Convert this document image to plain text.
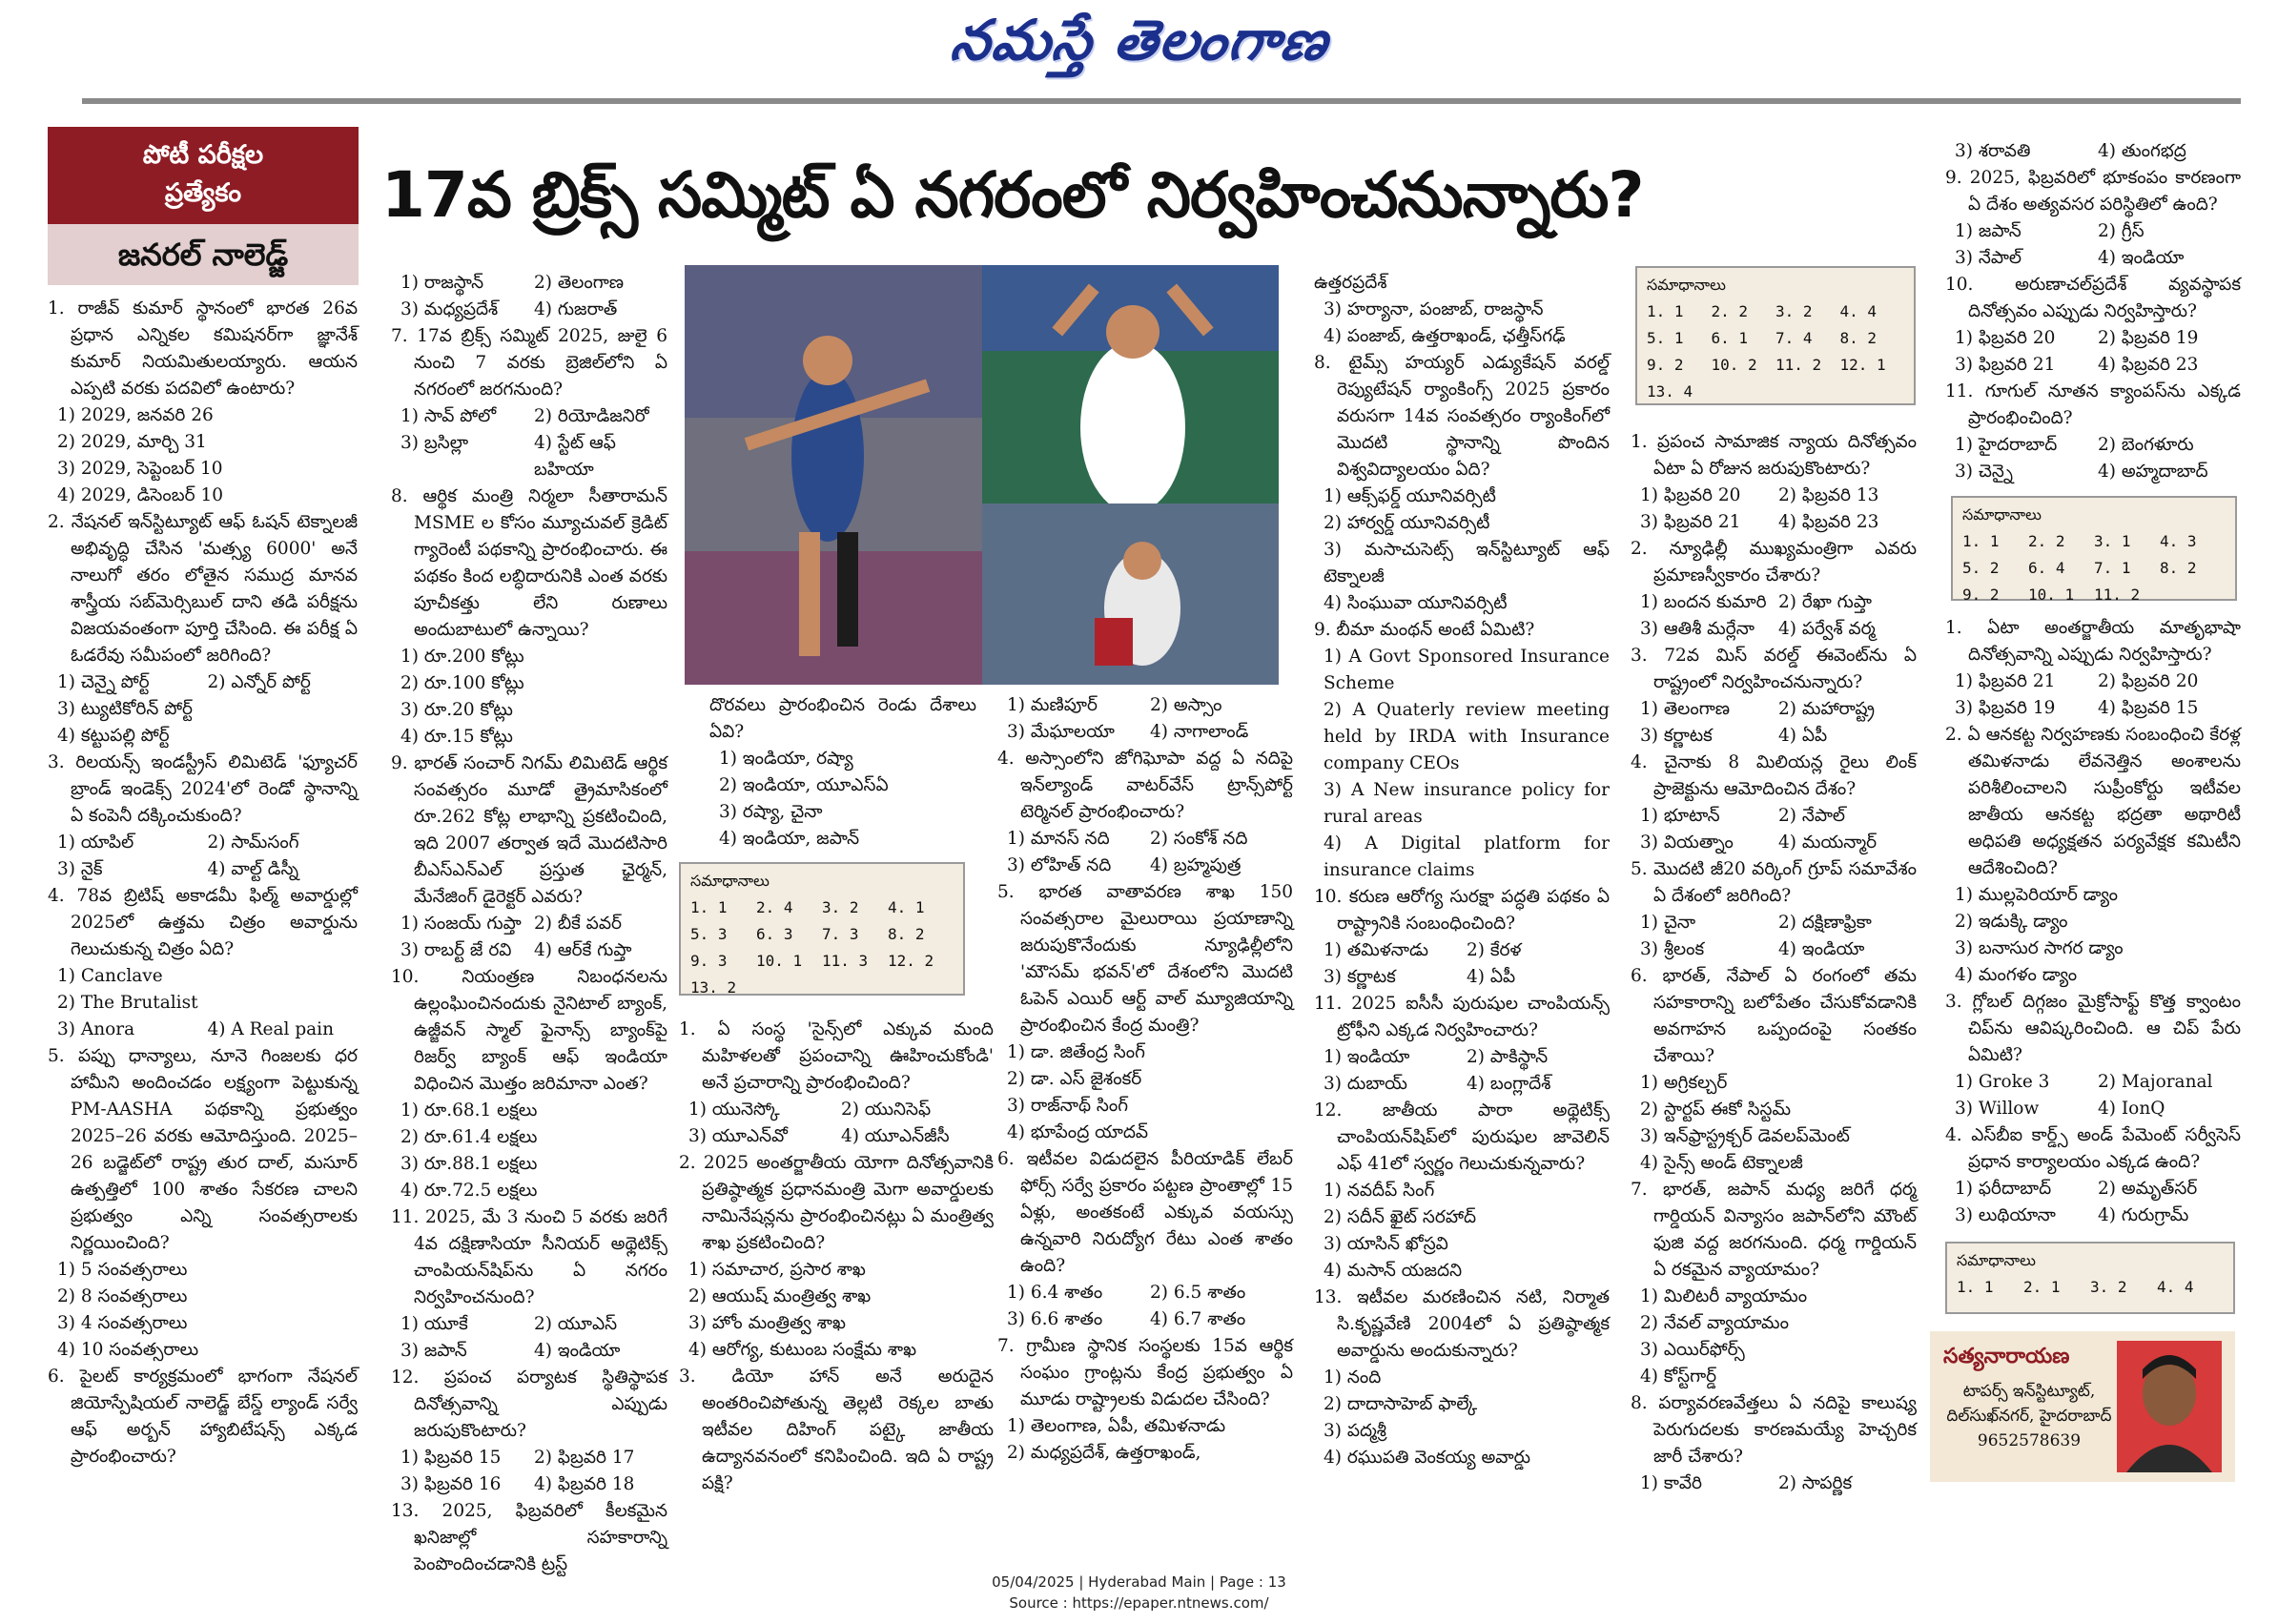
నమస్తే తెలంగాణ
పోటీ పరీక్షల
ప్రత్యేకం
జనరల్ నాలెడ్జ్
17వ బ్రిక్స్ సమ్మిట్ ఏ నగరంలో నిర్వహించనున్నారు?

1. రాజీవ్ కుమార్ స్థానంలో భారత 26వ ప్రధాన ఎన్నికల కమిషనర్‌గా జ్ఞానేశ్ కుమార్ నియమితులయ్యారు. ఆయన ఎప్పటి వరకు పదవిలో ఉంటారు?

1) 2029, జనవరి 26

2) 2029, మార్చి 31

3) 2029, సెప్టెంబర్ 10

4) 2029, డిసెంబర్ 10

2. నేషనల్ ఇన్‌స్టిట్యూట్ ఆఫ్ ఓషన్ టెక్నాలజీ అభివృద్ధి చేసిన 'మత్స్య 6000' అనే నాలుగో తరం లోతైన సముద్ర మానవ శాస్త్రీయ సబ్‌మెర్సిబుల్ దాని తడి పరీక్షను విజయవంతంగా పూర్తి చేసింది. ఈ పరీక్ష ఏ ఓడరేవు సమీపంలో జరిగింది?

1) చెన్నై పోర్ట్	2) ఎన్నోర్ పోర్ట్

3) ట్యుటికోరిన్ పోర్ట్

4) కట్టుపల్లి పోర్ట్

3. రిలయన్స్ ఇండస్ట్రీస్ లిమిటెడ్ 'ఫ్యూచర్ బ్రాండ్ ఇండెక్స్ 2024'లో రెండో స్థానాన్ని ఏ కంపెనీ దక్కించుకుంది?

1) యాపిల్	2) సామ్‌సంగ్
3) నైక్	4) వాల్ట్ డిస్నీ

4. 78వ బ్రిటిష్ అకాడమీ ఫిల్మ్ అవార్డుల్లో 2025లో ఉత్తమ చిత్రం అవార్డును గెలుచుకున్న చిత్రం ఏది?

1) Canclave

2) The Brutalist

3) Anora	4) A Real pain

5. పప్పు ధాన్యాలు, నూనె గింజలకు ధర హామీని అందించడం లక్ష్యంగా పెట్టుకున్న PM-AASHA పథకాన్ని ప్రభుత్వం 2025–26 వరకు ఆమోదిస్తుంది. 2025–26 బడ్జెట్‌లో రాష్ట్ర తుర దాల్, మసూర్ ఉత్పత్తిలో 100 శాతం సేకరణ చాలని ప్రభుత్వం ఎన్ని సంవత్సరాలకు నిర్ణయించింది?

1) 5 సంవత్సరాలు

2) 8 సంవత్సరాలు

3) 4 సంవత్సరాలు

4) 10 సంవత్సరాలు

6. పైలట్ కార్యక్రమంలో భాగంగా నేషనల్ జియోస్పేషియల్ నాలెడ్జ్ బేస్డ్ ల్యాండ్ సర్వే ఆఫ్ అర్బన్ హ్యాబిటేషన్స్ ఎక్కడ ప్రారంభించారు?

1) రాజస్థాన్	2) తెలంగాణ
3) మధ్యప్రదేశ్	4) గుజరాత్

7. 17వ బ్రిక్స్ సమ్మిట్ 2025, జులై 6 నుంచి 7 వరకు బ్రెజిల్‌లోని ఏ నగరంలో జరగనుంది?

1) సావ్ పోలో	2) రియోడిజనిరో
3) బ్రసిల్లా	4) స్టేట్ ఆఫ్ బహియా

8. ఆర్థిక మంత్రి నిర్మలా సీతారామన్ MSME ల కోసం మ్యూచువల్ క్రెడిట్ గ్యారెంటీ పథకాన్ని ప్రారంభించారు. ఈ పథకం కింద లబ్ధిదారునికి ఎంత వరకు పూచీకత్తు లేని రుణాలు అందుబాటులో ఉన్నాయి?

1) రూ.200 కోట్లు

2) రూ.100 కోట్లు

3) రూ.20 కోట్లు

4) రూ.15 కోట్లు

9. భారత్ సంచార్ నిగమ్ లిమిటెడ్ ఆర్థిక సంవత్సరం మూడో త్రైమాసికంలో రూ.262 కోట్ల లాభాన్ని ప్రకటించింది, ఇది 2007 తర్వాత ఇదే మొదటిసారి బీఎస్ఎన్ఎల్ ప్రస్తుత ఛైర్మన్, మేనేజింగ్ డైరెక్టర్ ఎవరు?

1) సంజయ్ గుప్తా 2) బీకే పవర్
3) రాబర్ట్ జే రవి	4) ఆర్‌కే గుప్తా

10. నియంత్రణ నిబంధనలను ఉల్లంఘించినందుకు నైనిటాల్ బ్యాంక్, ఉజ్జీవన్ స్మాల్ ఫైనాన్స్ బ్యాంక్‌పై రిజర్వ్ బ్యాంక్ ఆఫ్ ఇండియా విధించిన మొత్తం జరిమానా ఎంత?

1) రూ.68.1 లక్షలు

2) రూ.61.4 లక్షలు

3) రూ.88.1 లక్షలు

4) రూ.72.5 లక్షలు

11. 2025, మే 3 నుంచి 5 వరకు జరిగే 4వ దక్షిణాసియా సీనియర్ అథ్లెటిక్స్ చాంపియన్‌షిప్‌ను ఏ నగరం నిర్వహించనుంది?

1) యూకే	2) యూఎస్
3) జపాన్	4) ఇండియా

12. ప్రపంచ పర్యాటక స్థితిస్థాపక దినోత్సవాన్ని ఎప్పుడు జరుపుకొంటారు?

1) ఫిబ్రవరి 15	2) ఫిబ్రవరి 17
3) ఫిబ్రవరి 16	4) ఫిబ్రవరి 18

13. 2025, ఫిబ్రవరిలో కీలకమైన ఖనిజాల్లో సహకారాన్ని పెంపొందించడానికి ట్రస్ట్

దొరవలు ప్రారంభించిన రెండు దేశాలు ఏవి?

1) ఇండియా, రష్యా

2) ఇండియా, యూఎస్ఏ

3) రష్యా, చైనా

4) ఇండియా, జపాన్

సమాధానాలు
1. 1	2. 4	3. 2	4. 1
5. 3	6. 3	7. 3	8. 2
9. 3	10. 1	11. 3	12. 2
13. 2

1. ఏ సంస్థ 'సైన్స్‌లో ఎక్కువ మంది మహిళలతో ప్రపంచాన్ని ఊహించుకోండి' అనే ప్రచారాన్ని ప్రారంభించింది?

1) యునెస్కో	2) యునిసెఫ్
3) యూఎన్‌వో	4) యూఎన్‌జీసీ

2. 2025 అంతర్జాతీయ యోగా దినోత్సవానికి ప్రతిష్ఠాత్మక ప్రధానమంత్రి మెగా అవార్డులకు నామినేషన్లను ప్రారంభించినట్లు ఏ మంత్రిత్వ శాఖ ప్రకటించింది?

1) సమాచార, ప్రసార శాఖ

2) ఆయుష్ మంత్రిత్వ శాఖ

3) హోం మంత్రిత్వ శాఖ

4) ఆరోగ్య, కుటుంబ సంక్షేమ శాఖ

3. డియో హాన్ అనే అరుదైన అంతరించిపోతున్న తెల్లటి రెక్కల బాతు ఇటీవల దిహింగ్ పట్కై జాతీయ ఉద్యానవనంలో కనిపించింది. ఇది ఏ రాష్ట్ర పక్షి?

1) మణిపూర్	2) అస్సాం
3) మేఘాలయా	4) నాగాలాండ్

4. అస్సాంలోని జోగిఘోపా వద్ద ఏ నదిపై ఇన్‌ల్యాండ్ వాటర్‌వేస్ ట్రాన్స్‌పోర్ట్ టెర్మినల్ ప్రారంభించారు?

1) మానస్ నది	2) సంకోశ్ నది
3) లోహిత్ నది	4) బ్రహ్మపుత్ర

5. భారత వాతావరణ శాఖ 150 సంవత్సరాల మైలురాయి ప్రయాణాన్ని జరుపుకొనేందుకు న్యూఢిల్లీలోని 'మౌసమ్ భవన్‌'లో దేశంలోని మొదటి ఓపెన్ ఎయిర్ ఆర్ట్ వాల్ మ్యూజియాన్ని ప్రారంభించిన కేంద్ర మంత్రి?

1) డా. జితేంద్ర సింగ్

2) డా. ఎస్ జైశంకర్

3) రాజ్‌నాథ్ సింగ్

4) భూపేంద్ర యాదవ్

6. ఇటీవల విడుదలైన పీరియాడిక్ లేబర్ ఫోర్స్ సర్వే ప్రకారం పట్టణ ప్రాంతాల్లో 15 ఏళ్లు, అంతకంటే ఎక్కువ వయస్సు ఉన్నవారి నిరుద్యోగ రేటు ఎంత శాతం ఉంది?

1) 6.4 శాతం	2) 6.5 శాతం
3) 6.6 శాతం	4) 6.7 శాతం

7. గ్రామీణ స్థానిక సంస్థలకు 15వ ఆర్థిక సంఘం గ్రాంట్లను కేంద్ర ప్రభుత్వం ఏ మూడు రాష్ట్రాలకు విడుదల చేసింది?

1) తెలంగాణ, ఏపీ, తమిళనాడు

2) మధ్యప్రదేశ్, ఉత్తరాఖండ్,

ఉత్తరప్రదేశ్

3) హర్యానా, పంజాబ్, రాజస్థాన్

4) పంజాబ్, ఉత్తరాఖండ్, ఛత్తీస్‌గఢ్

8. టైమ్స్ హయ్యర్ ఎడ్యుకేషన్ వరల్డ్ రెప్యుటేషన్ ర్యాంకింగ్స్ 2025 ప్రకారం వరుసగా 14వ సంవత్సరం ర్యాంకింగ్‌లో మొదటి స్థానాన్ని పొందిన విశ్వవిద్యాలయం ఏది?

1) ఆక్స్‌ఫర్డ్ యూనివర్సిటీ

2) హార్వర్డ్ యూనివర్సిటీ

3) మసాచుసెట్స్ ఇన్‌స్టిట్యూట్ ఆఫ్ టెక్నాలజీ

4) సింఘువా యూనివర్సిటీ

9. బీమా మంథన్ అంటే ఏమిటి?

1) A Govt Sponsored Insurance Scheme

2) A Quaterly review meeting held by IRDA with Insurance company CEOs

3) A New insurance policy for rural areas

4) A Digital platform for insurance claims

10. కరుణ ఆరోగ్య సురక్షా పద్ధతి పథకం ఏ రాష్ట్రానికి సంబంధించింది?

1) తమిళనాడు	2) కేరళ
3) కర్ణాటక	4) ఏపీ

11. 2025 ఐసీసీ పురుషుల చాంపియన్స్ ట్రోఫీని ఎక్కడ నిర్వహించారు?

1) ఇండియా	2) పాకిస్థాన్
3) దుబాయ్	4) బంగ్లాదేశ్

12. జాతీయ పారా అథ్లెటిక్స్ చాంపియన్‌షిప్‌లో పురుషుల జావెలిన్ ఎఫ్ 41లో స్వర్ణం గెలుచుకున్నవారు?

1) నవదీప్ సింగ్

2) సదీన్ ఖైట్ సరహాద్

3) యాసిన్ ఖోస్రవి

4) మసాన్ యజదని

13. ఇటీవల మరణించిన నటి, నిర్మాత సి.కృష్ణవేణి 2004లో ఏ ప్రతిష్ఠాత్మక అవార్డును అందుకున్నారు?

1) నంది

2) దాదాసాహెబ్ ఫాల్కే

3) పద్మశ్రీ

4) రఘుపతి వెంకయ్య అవార్డు

సమాధానాలు
1. 1	2. 2	3. 2	4. 4
5. 1	6. 1	7. 4	8. 2
9. 2	10. 2	11. 2	12. 1
13. 4

1. ప్రపంచ సామాజిక న్యాయ దినోత్సవం ఏటా ఏ రోజున జరుపుకొంటారు?

1) ఫిబ్రవరి 20	2) ఫిబ్రవరి 13
3) ఫిబ్రవరి 21	4) ఫిబ్రవరి 23

2. న్యూఢిల్లీ ముఖ్యమంత్రిగా ఎవరు ప్రమాణస్వీకారం చేశారు?

1) బందన కుమారి 2) రేఖా గుప్తా
3) ఆతిశీ మర్లేనా	4) పర్వేశ్ వర్మ

3. 72వ మిస్ వరల్డ్ ఈవెంట్‌ను ఏ రాష్ట్రంలో నిర్వహించనున్నారు?

1) తెలంగాణ	2) మహారాష్ట్ర
3) కర్ణాటక	4) ఏపీ

4. చైనాకు 8 మిలియన్ల రైలు లింక్ ప్రాజెక్టును ఆమోదించిన దేశం?

1) భూటాన్	2) నేపాల్
3) వియత్నాం	4) మయన్మార్

5. మొదటి జీ20 వర్కింగ్ గ్రూప్ సమావేశం ఏ దేశంలో జరిగింది?

1) చైనా	2) దక్షిణాఫ్రికా
3) శ్రీలంక	4) ఇండియా

6. భారత్, నేపాల్ ఏ రంగంలో తమ సహకారాన్ని బలోపేతం చేసుకోవడానికి అవగాహన ఒప్పందంపై సంతకం చేశాయి?

1) అగ్రికల్చర్

2) స్టార్టప్ ఈకో సిస్టమ్

3) ఇన్‌ఫ్రాస్ట్రక్చర్ డెవలప్‌మెంట్

4) సైన్స్ అండ్ టెక్నాలజీ

7. భారత్, జపాన్ మధ్య జరిగే ధర్మ గార్డియన్ విన్యాసం జపాన్‌లోని మౌంట్ ఫుజి వద్ద జరగనుంది. ధర్మ గార్డియన్ ఏ రకమైన వ్యాయామం?

1) మిలిటరీ వ్యాయామం

2) నేవల్ వ్యాయామం

3) ఎయిర్‌ఫోర్స్

4) కోస్ట్‌గార్డ్

8. పర్యావరణవేత్తలు ఏ నదిపై కాలుష్య పెరుగుదలకు కారణమయ్యే హెచ్చరిక జారీ చేశారు?

1) కావేరి	2) సాపర్ణిక
3) శరావతి	4) తుంగభద్ర

9. 2025, ఫిబ్రవరిలో భూకంపం కారణంగా ఏ దేశం అత్యవసర పరిస్థితిలో ఉంది?

1) జపాన్	2) గ్రీస్
3) నేపాల్	4) ఇండియా

10. అరుణాచల్‌ప్రదేశ్ వ్యవస్థాపక దినోత్సవం ఎప్పుడు నిర్వహిస్తారు?

1) ఫిబ్రవరి 20	2) ఫిబ్రవరి 19
3) ఫిబ్రవరి 21	4) ఫిబ్రవరి 23

11. గూగుల్ నూతన క్యాంపస్‌ను ఎక్కడ ప్రారంభించింది?

1) హైదరాబాద్	2) బెంగళూరు
3) చెన్నై	4) అహ్మదాబాద్
సమాధానాలు
1. 1	2. 2	3. 1	4. 3
5. 2	6. 4	7. 1	8. 2
9. 2	10. 1	11. 2

1. ఏటా అంతర్జాతీయ మాతృభాషా దినోత్సవాన్ని ఎప్పుడు నిర్వహిస్తారు?

1) ఫిబ్రవరి 21	2) ఫిబ్రవరి 20
3) ఫిబ్రవరి 19	4) ఫిబ్రవరి 15

2. ఏ ఆనకట్ట నిర్వహణకు సంబంధించి కేరళ్ల తమిళనాడు లేవనెత్తిన అంశాలను పరిశీలించాలని సుప్రీంకోర్టు ఇటీవల జాతీయ ఆనకట్ట భద్రతా అథారిటీ అధిపతి అధ్యక్షతన పర్యవేక్షక కమిటీని ఆదేశించింది?

1) ముల్లపెరియార్ డ్యాం

2) ఇడుక్కి డ్యాం

3) బనాసుర సాగర డ్యాం

4) మంగళం డ్యాం

3. గ్లోబల్ దిగ్గజం మైక్రోసాఫ్ట్ కొత్త క్వాంటం చిప్‌ను ఆవిష్కరించింది. ఆ చిప్ పేరు ఏమిటి?

1) Groke 3	2) Majoranal
3) Willow	4) IonQ

4. ఎస్‌బీఐ కార్డ్స్ అండ్ పేమెంట్ సర్వీసెస్ ప్రధాన కార్యాలయం ఎక్కడ ఉంది?

1) ఫరీదాబాద్	2) అమృత్‌సర్
3) లుథియానా	4) గురుగ్రామ్
సమాధానాలు
1. 1	2. 1	3. 2	4. 4
సత్యనారాయణ
టాపర్స్ ఇన్‌స్టిట్యూట్, దిల్‌సుఖ్‌నగర్, హైదరాబాద్
9652578639
05/04/2025 | Hyderabad Main | Page : 13
Source : https://epaper.ntnews.com/
